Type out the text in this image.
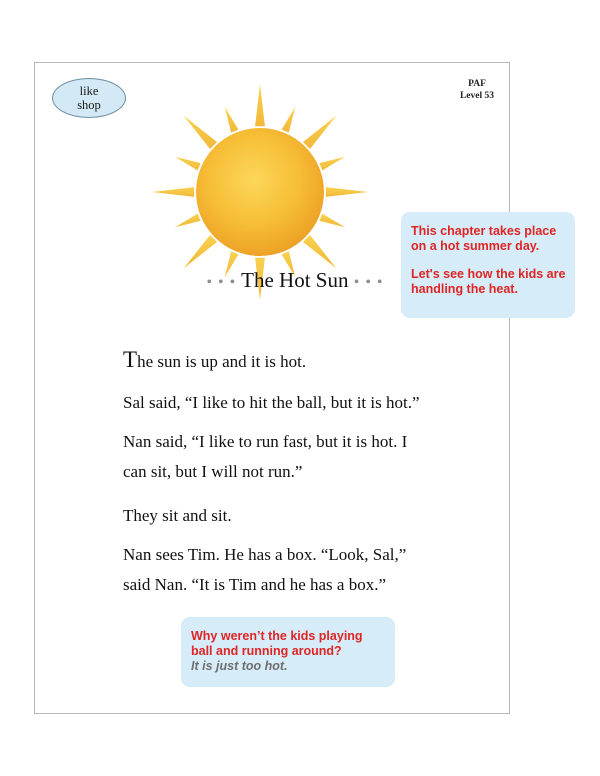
like
shop
PAF
Level 53
• • • The Hot Sun • • •

This chapter takes place on a hot summer day.

Let's see how the kids are handling the heat.

The sun is up and it is hot.

Sal said, “I like to hit the ball, but it is hot.”

Nan said, “I like to run fast, but it is hot. I

can sit, but I will not run.”

They sit and sit.

Nan sees Tim. He has a box. “Look, Sal,”

said Nan. “It is Tim and he has a box.”

Why weren’t the kids playing ball and running around?

It is just too hot.
